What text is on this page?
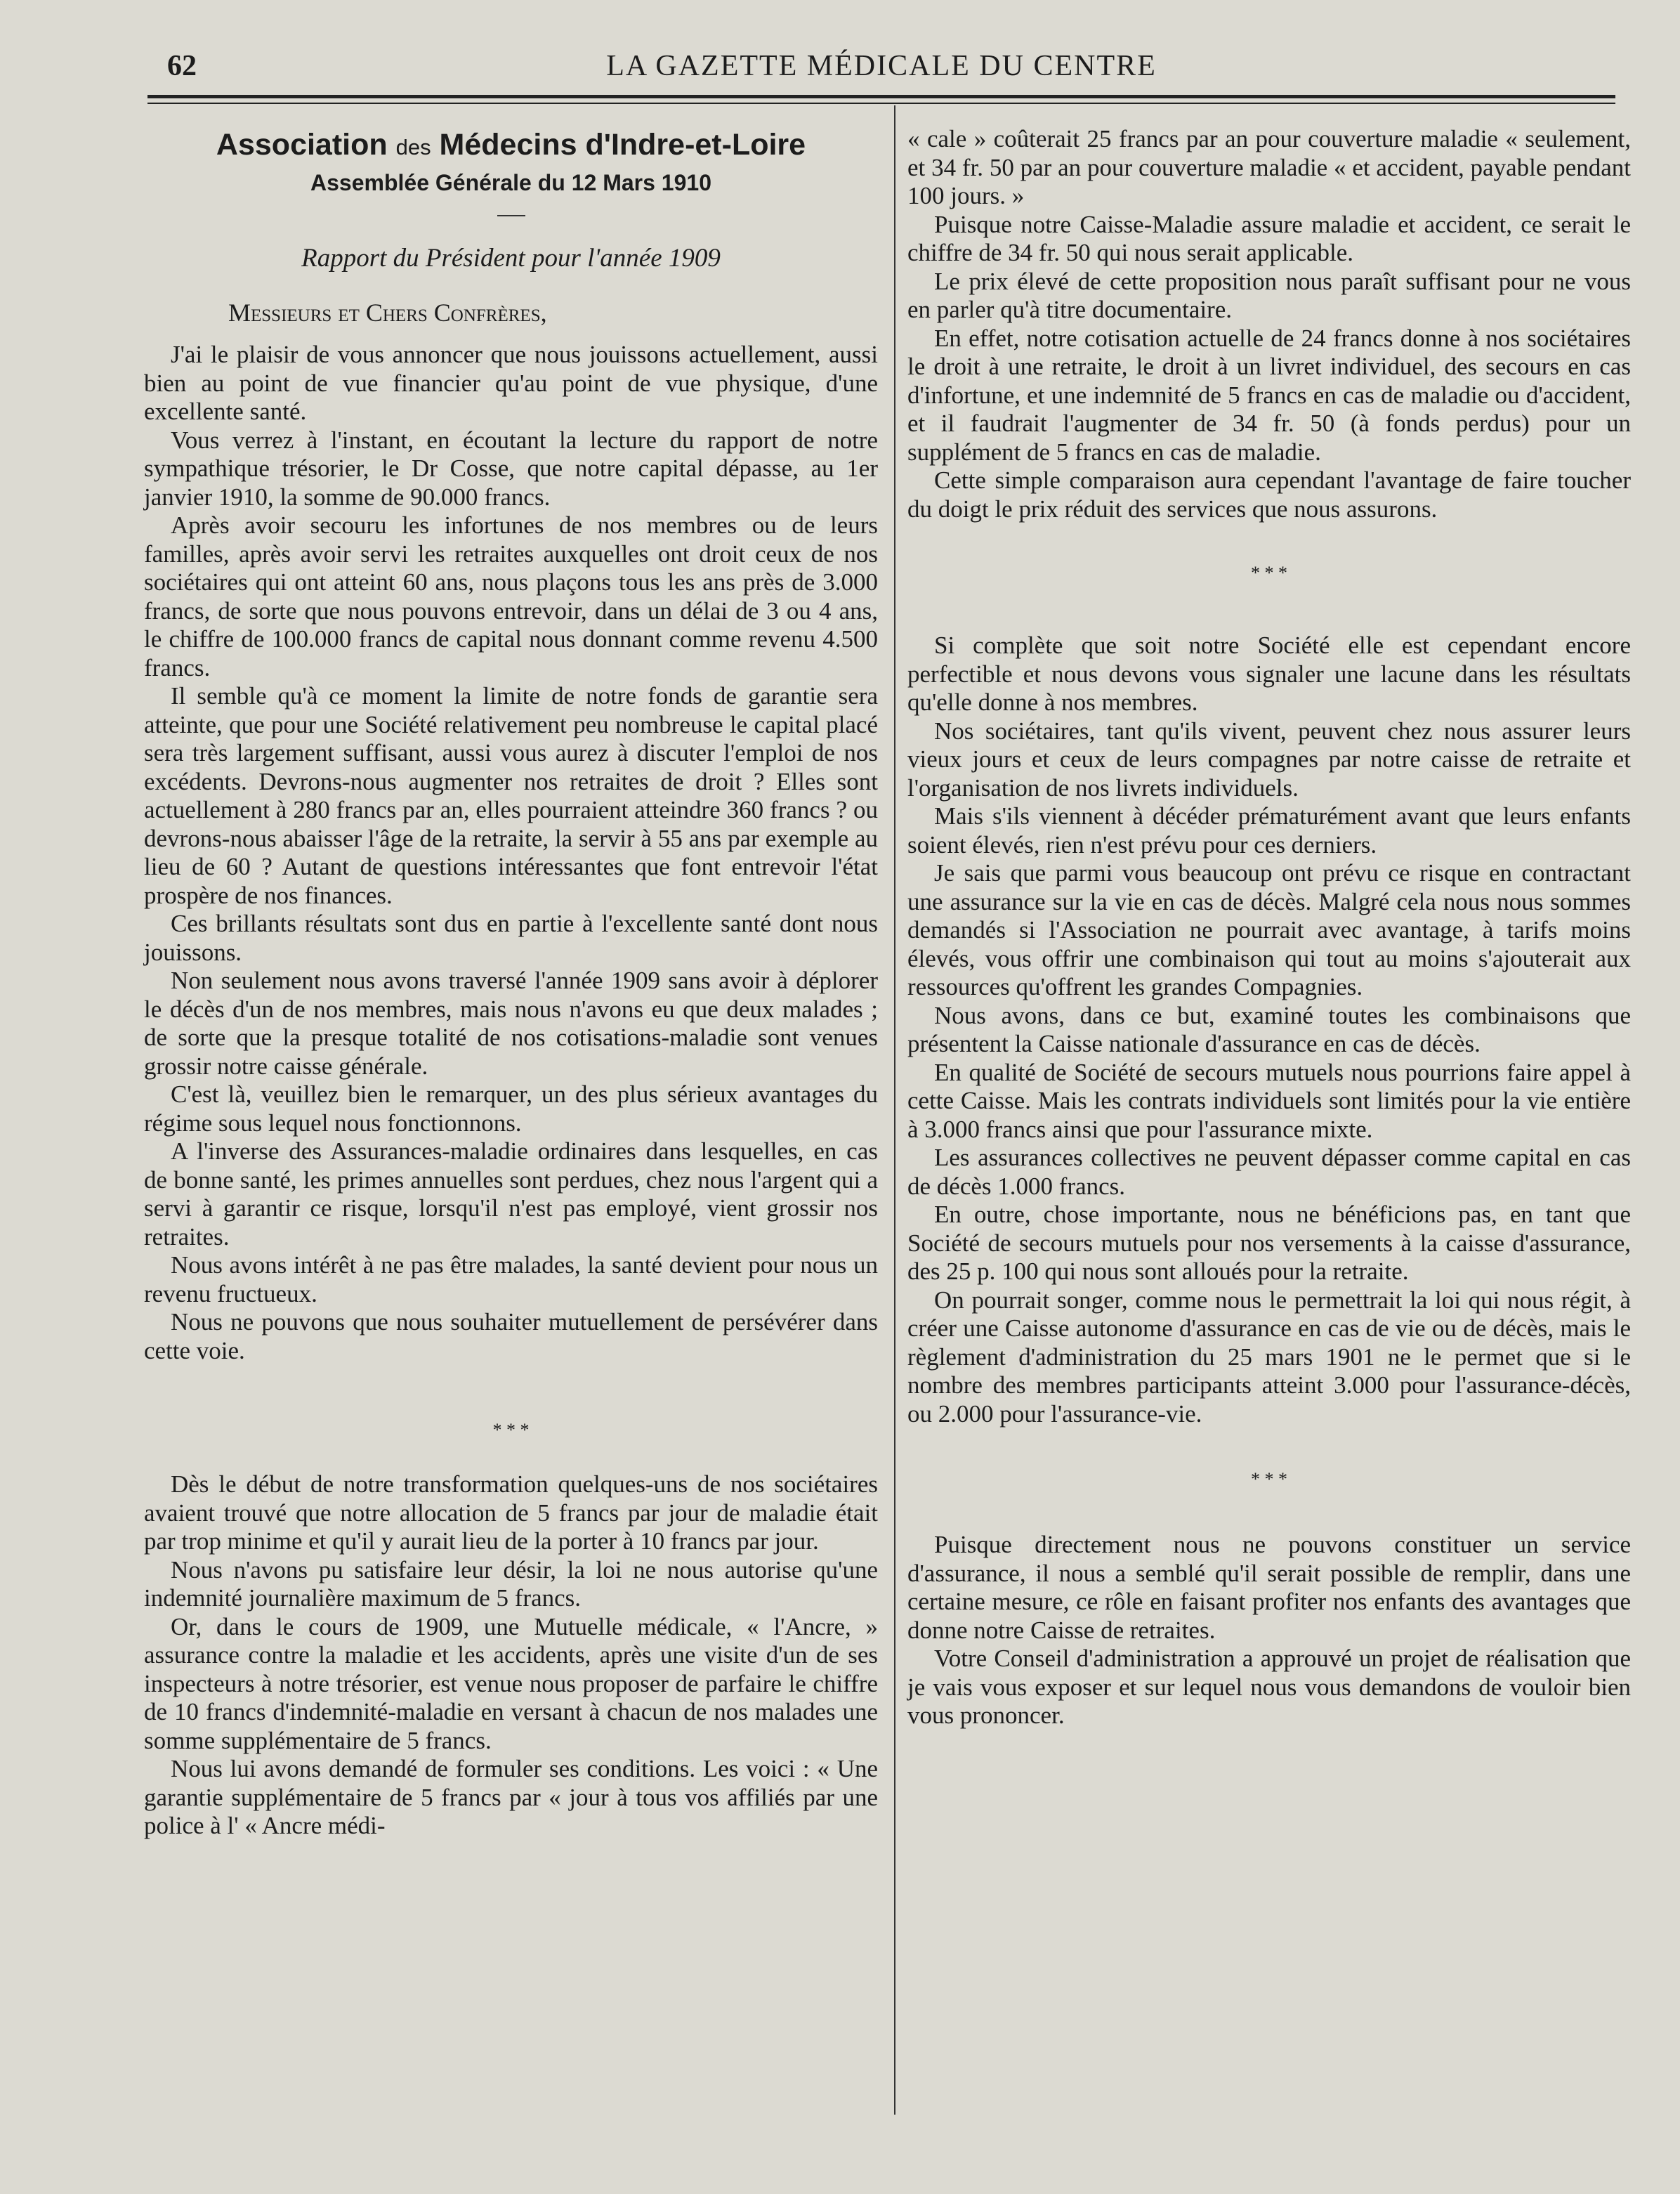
62	LA GAZETTE MÉDICALE DU CENTRE
Association des Médecins d'Indre-et-Loire
Assemblée Générale du 12 Mars 1910
Rapport du Président pour l'année 1909
Messieurs et Chers Confrères,

J'ai le plaisir de vous annoncer que nous jouissons actuellement, aussi bien au point de vue financier qu'au point de vue physique, d'une excellente santé.

Vous verrez à l'instant, en écoutant la lecture du rapport de notre sympathique trésorier, le Dr Cosse, que notre capital dépasse, au 1er janvier 1910, la somme de 90.000 francs.

Après avoir secouru les infortunes de nos membres ou de leurs familles, après avoir servi les retraites auxquelles ont droit ceux de nos sociétaires qui ont atteint 60 ans, nous plaçons tous les ans près de 3.000 francs, de sorte que nous pouvons entrevoir, dans un délai de 3 ou 4 ans, le chiffre de 100.000 francs de capital nous donnant comme revenu 4.500 francs.

Il semble qu'à ce moment la limite de notre fonds de garantie sera atteinte, que pour une Société relativement peu nombreuse le capital placé sera très largement suffisant, aussi vous aurez à discuter l'emploi de nos excédents. Devrons-nous augmenter nos retraites de droit ? Elles sont actuellement à 280 francs par an, elles pourraient atteindre 360 francs ? ou devrons-nous abaisser l'âge de la retraite, la servir à 55 ans par exemple au lieu de 60 ? Autant de questions intéressantes que font entrevoir l'état prospère de nos finances.

Ces brillants résultats sont dus en partie à l'excellente santé dont nous jouissons.

Non seulement nous avons traversé l'année 1909 sans avoir à déplorer le décès d'un de nos membres, mais nous n'avons eu que deux malades ; de sorte que la presque totalité de nos cotisations-maladie sont venues grossir notre caisse générale.

C'est là, veuillez bien le remarquer, un des plus sérieux avantages du régime sous lequel nous fonctionnons.

A l'inverse des Assurances-maladie ordinaires dans lesquelles, en cas de bonne santé, les primes annuelles sont perdues, chez nous l'argent qui a servi à garantir ce risque, lorsqu'il n'est pas employé, vient grossir nos retraites.

Nous avons intérêt à ne pas être malades, la santé devient pour nous un revenu fructueux.

Nous ne pouvons que nous souhaiter mutuellement de persévérer dans cette voie.

* * *

Dès le début de notre transformation quelques-uns de nos sociétaires avaient trouvé que notre allocation de 5 francs par jour de maladie était par trop minime et qu'il y aurait lieu de la porter à 10 francs par jour.

Nous n'avons pu satisfaire leur désir, la loi ne nous autorise qu'une indemnité journalière maximum de 5 francs.

Or, dans le cours de 1909, une Mutuelle médicale, « l'Ancre, » assurance contre la maladie et les accidents, après une visite d'un de ses inspecteurs à notre trésorier, est venue nous proposer de parfaire le chiffre de 10 francs d'indemnité-maladie en versant à chacun de nos malades une somme supplémentaire de 5 francs.

Nous lui avons demandé de formuler ses conditions. Les voici : « Une garantie supplémentaire de 5 francs par « jour à tous vos affiliés par une police à l' « Ancre médi-

« cale » coûterait 25 francs par an pour couverture maladie « seulement, et 34 fr. 50 par an pour couverture maladie « et accident, payable pendant 100 jours. »

Puisque notre Caisse-Maladie assure maladie et accident, ce serait le chiffre de 34 fr. 50 qui nous serait applicable.

Le prix élevé de cette proposition nous paraît suffisant pour ne vous en parler qu'à titre documentaire.

En effet, notre cotisation actuelle de 24 francs donne à nos sociétaires le droit à une retraite, le droit à un livret individuel, des secours en cas d'infortune, et une indemnité de 5 francs en cas de maladie ou d'accident, et il faudrait l'augmenter de 34 fr. 50 (à fonds perdus) pour un supplément de 5 francs en cas de maladie.

Cette simple comparaison aura cependant l'avantage de faire toucher du doigt le prix réduit des services que nous assurons.

* * *

Si complète que soit notre Société elle est cependant encore perfectible et nous devons vous signaler une lacune dans les résultats qu'elle donne à nos membres.

Nos sociétaires, tant qu'ils vivent, peuvent chez nous assurer leurs vieux jours et ceux de leurs compagnes par notre caisse de retraite et l'organisation de nos livrets individuels.

Mais s'ils viennent à décéder prématurément avant que leurs enfants soient élevés, rien n'est prévu pour ces derniers.

Je sais que parmi vous beaucoup ont prévu ce risque en contractant une assurance sur la vie en cas de décès. Malgré cela nous nous sommes demandés si l'Association ne pourrait avec avantage, à tarifs moins élevés, vous offrir une combinaison qui tout au moins s'ajouterait aux ressources qu'offrent les grandes Compagnies.

Nous avons, dans ce but, examiné toutes les combinaisons que présentent la Caisse nationale d'assurance en cas de décès.

En qualité de Société de secours mutuels nous pourrions faire appel à cette Caisse. Mais les contrats individuels sont limités pour la vie entière à 3.000 francs ainsi que pour l'assurance mixte.

Les assurances collectives ne peuvent dépasser comme capital en cas de décès 1.000 francs.

En outre, chose importante, nous ne bénéficions pas, en tant que Société de secours mutuels pour nos versements à la caisse d'assurance, des 25 p. 100 qui nous sont alloués pour la retraite.

On pourrait songer, comme nous le permettrait la loi qui nous régit, à créer une Caisse autonome d'assurance en cas de vie ou de décès, mais le règlement d'administration du 25 mars 1901 ne le permet que si le nombre des membres participants atteint 3.000 pour l'assurance-décès, ou 2.000 pour l'assurance-vie.

* * *

Puisque directement nous ne pouvons constituer un service d'assurance, il nous a semblé qu'il serait possible de remplir, dans une certaine mesure, ce rôle en faisant profiter nos enfants des avantages que donne notre Caisse de retraites.

Votre Conseil d'administration a approuvé un projet de réalisation que je vais vous exposer et sur lequel nous vous demandons de vouloir bien vous prononcer.
